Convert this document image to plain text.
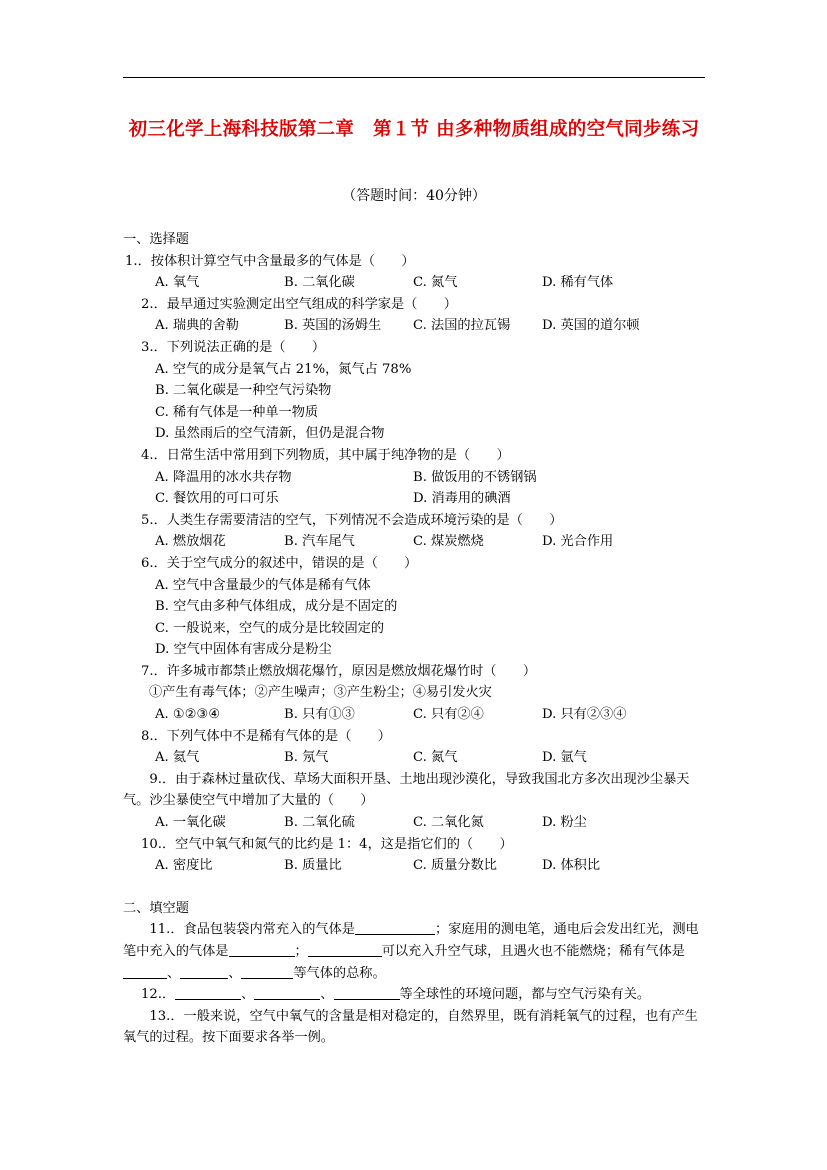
初三化学上海科技版第二章　第１节 由多种物质组成的空气同步练习
（答题时间：40分钟）
一、选择题
1.．按体积计算空气中含量最多的气体是（　　）
A. 氧气	B. 二氧化碳	C. 氮气	D. 稀有气体
2.．最早通过实验测定出空气组成的科学家是（　　）
A. 瑞典的舍勒	B. 英国的汤姆生 C. 法国的拉瓦锡 D. 英国的道尔顿
3.．下列说法正确的是（　　）
A. 空气的成分是氧气占 21%，氮气占 78%
B. 二氧化碳是一种空气污染物
C. 稀有气体是一种单一物质
D. 虽然雨后的空气清新，但仍是混合物
4.．日常生活中常用到下列物质，其中属于纯净物的是（　　）
A. 降温用的冰水共存物	B. 做饭用的不锈钢锅
C. 餐饮用的可口可乐	D. 消毒用的碘酒
5.．人类生存需要清洁的空气，下列情况不会造成环境污染的是（　　）
A. 燃放烟花	B. 汽车尾气	C. 煤炭燃烧	D. 光合作用
6.．关于空气成分的叙述中，错误的是（　　）
A. 空气中含量最少的气体是稀有气体
B. 空气由多种气体组成，成分是不固定的
C. 一般说来，空气的成分是比较固定的
D. 空气中固体有害成分是粉尘
7.．许多城市都禁止燃放烟花爆竹，原因是燃放烟花爆竹时（　　）
①产生有毒气体；②产生噪声；③产生粉尘；④易引发火灾
A. ①②③④	B. 只有①③	C. 只有②④	D. 只有②③④
8.．下列气体中不是稀有气体的是（　　）
A. 氦气	B. 氖气	C. 氮气	D. 氩气
9.．由于森林过量砍伐、草场大面积开垦、土地出现沙漠化，导致我国北方多次出现沙尘暴天气。沙尘暴使空气中增加了大量的（　　）
A. 一氧化碳	B. 二氧化硫	C. 二氧化氮	D. 粉尘
10.．空气中氧气和氮气的比约是 1：4，这是指它们的（　　）
A. 密度比	B. 质量比	C. 质量分数比	D. 体积比
二、填空题
11.．食品包装袋内常充入的气体是	；家庭用的测电笔，通电后会发出红光，测电笔中充入的气体是	；	可以充入升空气球，且遇火也不能燃烧；稀有气体是、	、	等气体的总称。
12.．	、	、	等全球性的环境问题，都与空气污染有关。
13.．一般来说，空气中氧气的含量是相对稳定的，自然界里，既有消耗氧气的过程，也有产生氧气的过程。按下面要求各举一例。
